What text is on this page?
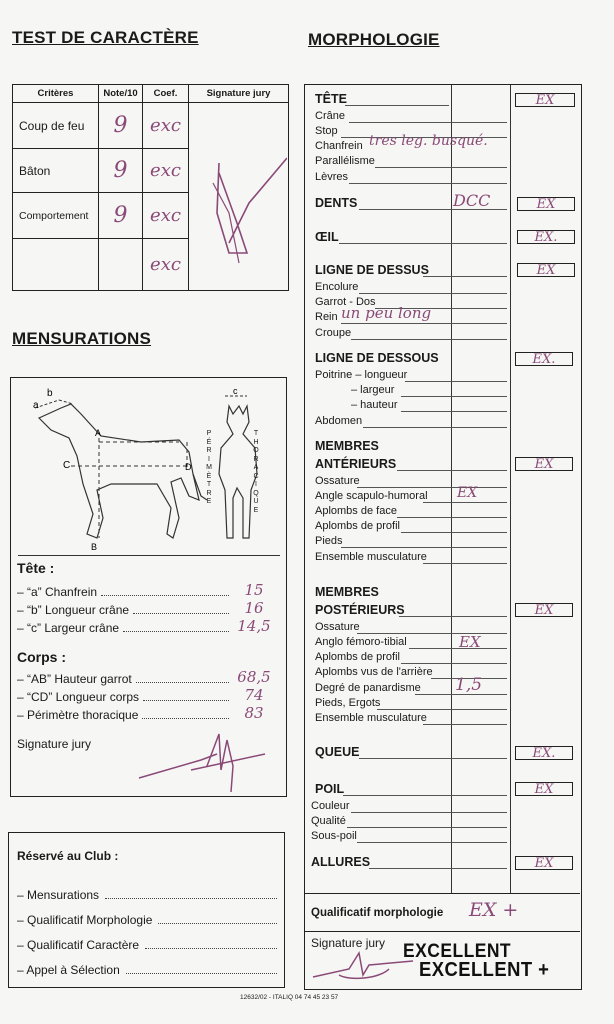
TEST DE CARACTÈRE
Critères	Note/10	Coef.	Signature jury
Coup de feu	9	exc	

Bâton	9	exc	
Comportement	9	exc	
		exc	
MENSURATIONS
a
b
C
A
B
D
c
P
É
R
I
M
È
T
R
E
T
H
O
R
A
C
I
Q
U
E
Tête :
– “a” Chanfrein	15
– “b” Longueur crâne	16
– “c” Largeur crâne	14,5
Corps :
– “AB” Hauteur garrot	68,5
– “CD” Longueur corps	74
– Périmètre thoracique	83
Signature jury
Réservé au Club :
– Mensurations
– Qualificatif Morphologie
– Qualificatif Caractère
– Appel à Sélection
MORPHOLOGIE
TÊTE	EX
Crâne
Stop
Chanfrein tres leg. busqué.
Parallélisme
Lèvres
DENTS	DCC	EX
ŒIL	EX.
LIGNE DE DESSUS	EX
Encolure
Garrot - Dos
Rein un peu long
Croupe
LIGNE DE DESSOUS	EX.
Poitrine – longueur
– largeur
– hauteur
Abdomen
MEMBRES
ANTÉRIEURS	EX
Ossature
Angle scapulo-humoral EX
Aplombs de face
Aplombs de profil
Pieds
Ensemble musculature
MEMBRES
POSTÉRIEURS	EX
Ossature
Anglo fémoro-tibial	EX
Aplombs de profil
Aplombs vus de l'arrière
Degré de panardisme 1,5
Pieds, Ergots
Ensemble musculature
QUEUE	EX.
POIL	EX
Couleur
Qualité
Sous-poil
ALLURES	EX
Qualificatif morphologie EX +
Signature jury EXCELLENT
EXCELLENT +
12632/02 - ITALIQ 04 74 45 23 57
